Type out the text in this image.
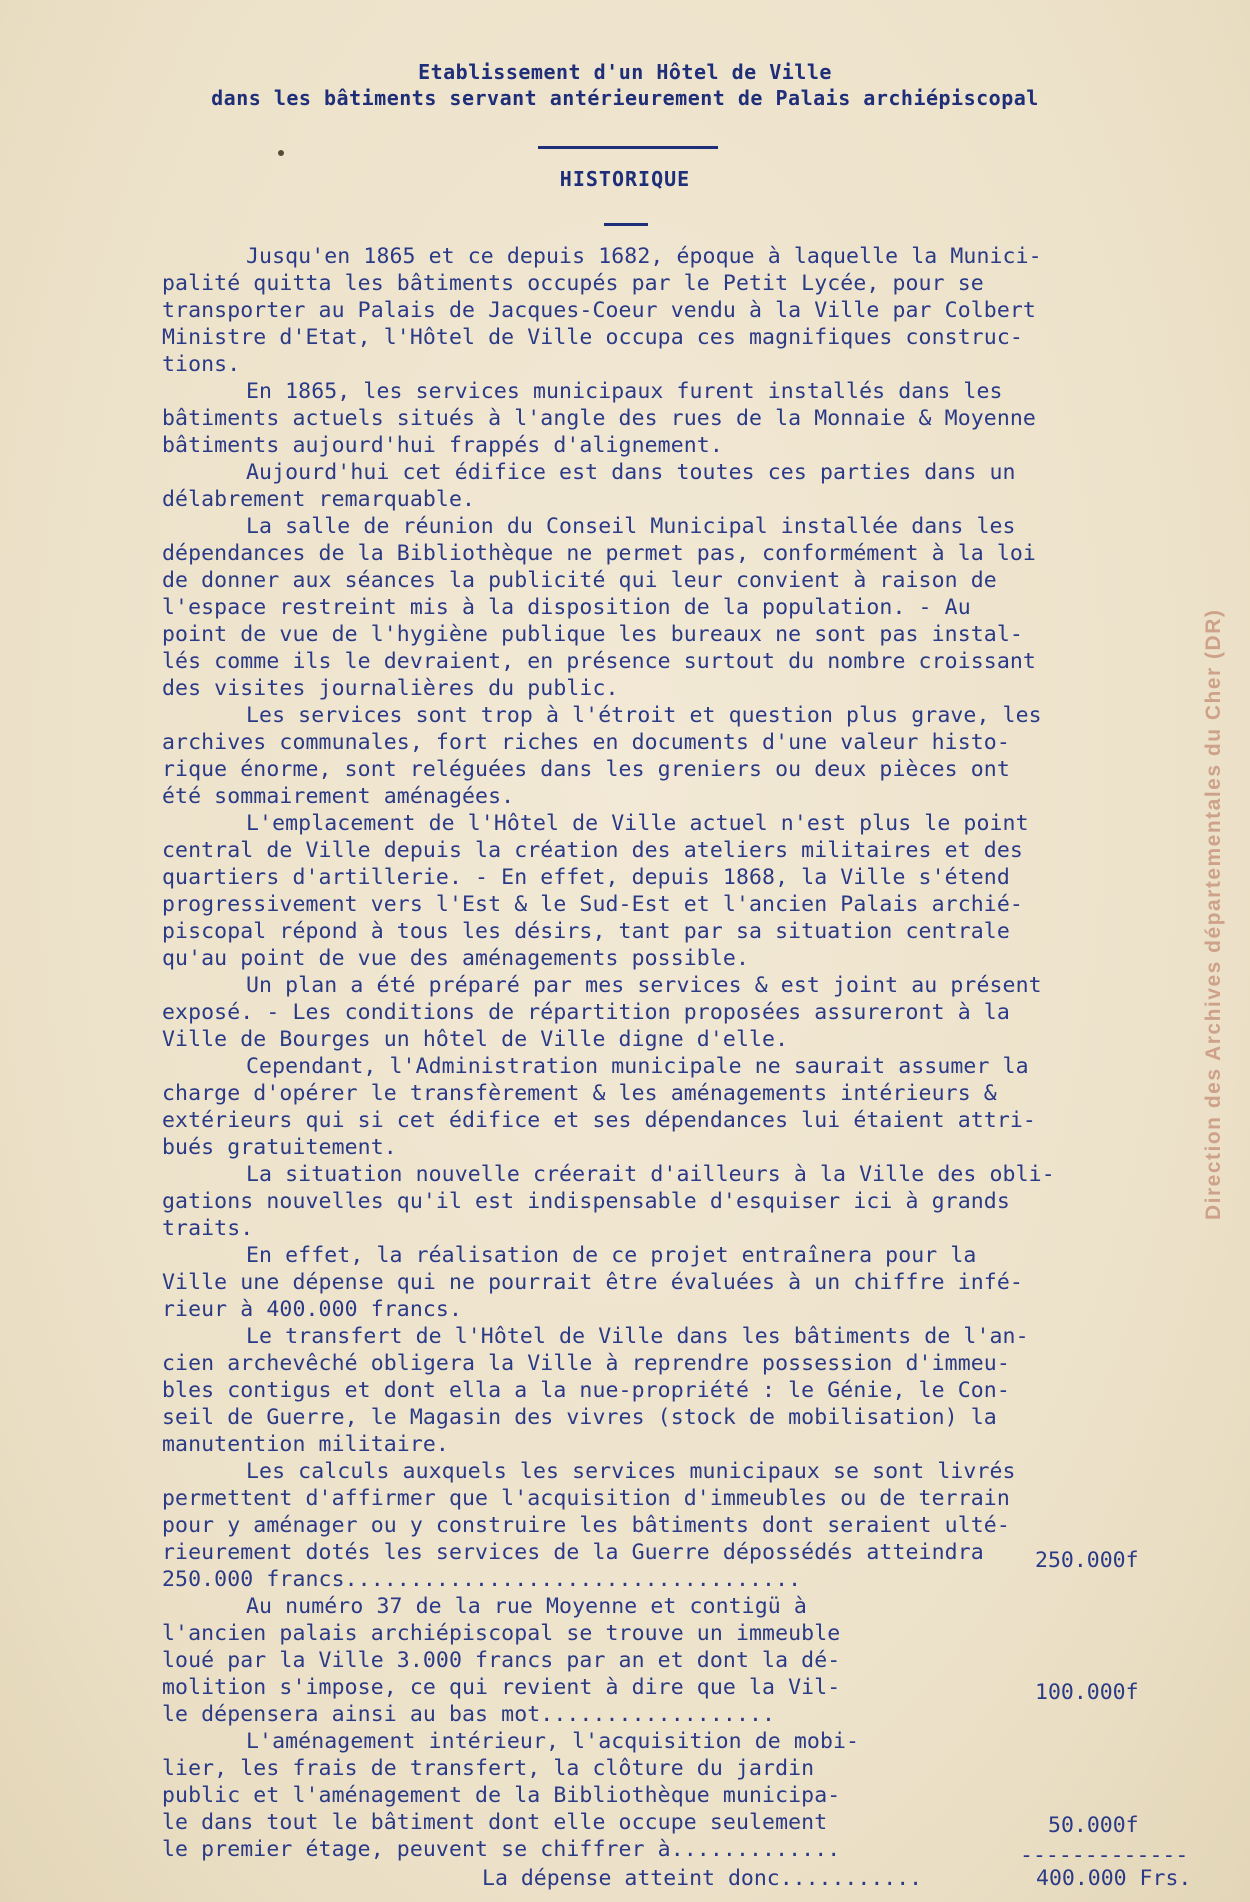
Etablissement d'un Hôtel de Ville
dans les bâtiments servant antérieurement de Palais archiépiscopal
HISTORIQUE
Jusqu'en 1865 et ce depuis 1682, époque à laquelle la Munici-
palité quitta les bâtiments occupés par le Petit Lycée, pour se
transporter au Palais de Jacques-Coeur vendu à la Ville par Colbert
Ministre d'Etat, l'Hôtel de Ville occupa ces magnifiques construc-
tions.
En 1865, les services municipaux furent installés dans les
bâtiments actuels situés à l'angle des rues de la Monnaie & Moyenne
bâtiments aujourd'hui frappés d'alignement.
Aujourd'hui cet édifice est dans toutes ces parties dans un
délabrement remarquable.
La salle de réunion du Conseil Municipal installée dans les
dépendances de la Bibliothèque ne permet pas, conformément à la loi
de donner aux séances la publicité qui leur convient à raison de
l'espace restreint mis à la disposition de la population. - Au
point de vue de l'hygiène publique les bureaux ne sont pas instal-
lés comme ils le devraient, en présence surtout du nombre croissant
des visites journalières du public.
Les services sont trop à l'étroit et question plus grave, les
archives communales, fort riches en documents d'une valeur histo-
rique énorme, sont reléguées dans les greniers ou deux pièces ont
été sommairement aménagées.
L'emplacement de l'Hôtel de Ville actuel n'est plus le point
central de Ville depuis la création des ateliers militaires et des
quartiers d'artillerie. - En effet, depuis 1868, la Ville s'étend
progressivement vers l'Est & le Sud-Est et l'ancien Palais archié-
piscopal répond à tous les désirs, tant par sa situation centrale
qu'au point de vue des aménagements possible.
Un plan a été préparé par mes services & est joint au présent
exposé. - Les conditions de répartition proposées assureront à la
Ville de Bourges un hôtel de Ville digne d'elle.
Cependant, l'Administration municipale ne saurait assumer la
charge d'opérer le transfèrement & les aménagements intérieurs &
extérieurs qui si cet édifice et ses dépendances lui étaient attri-
bués gratuitement.
La situation nouvelle créerait d'ailleurs à la Ville des obli-
gations nouvelles qu'il est indispensable d'esquiser ici à grands
traits.
En effet, la réalisation de ce projet entraînera pour la
Ville une dépense qui ne pourrait être évaluées à un chiffre infé-
rieur à 400.000 francs.
Le transfert de l'Hôtel de Ville dans les bâtiments de l'an-
cien archevêché obligera la Ville à reprendre possession d'immeu-
bles contigus et dont ella a la nue-propriété : le Génie, le Con-
seil de Guerre, le Magasin des vivres (stock de mobilisation) la
manutention militaire.
Les calculs auxquels les services municipaux se sont livrés
permettent d'affirmer que l'acquisition d'immeubles ou de terrain
pour y aménager ou y construire les bâtiments dont seraient ulté-
rieurement dotés les services de la Guerre dépossédés atteindra
250.000 francs...................................
Au numéro 37 de la rue Moyenne et contigü à
l'ancien palais archiépiscopal se trouve un immeuble
loué par la Ville 3.000 francs par an et dont la dé-
molition s'impose, ce qui revient à dire que la Vil-
le dépensera ainsi au bas mot..................
L'aménagement intérieur, l'acquisition de mobi-
lier, les frais de transfert, la clôture du jardin
public et l'aménagement de la Bibliothèque municipa-
le dans tout le bâtiment dont elle occupe seulement
le premier étage, peuvent se chiffrer à.............
250.000f
100.000f
50.000f
-------------
La dépense atteint donc...........	400.000 Frs.
Direction des Archives départementales du Cher (DR)
